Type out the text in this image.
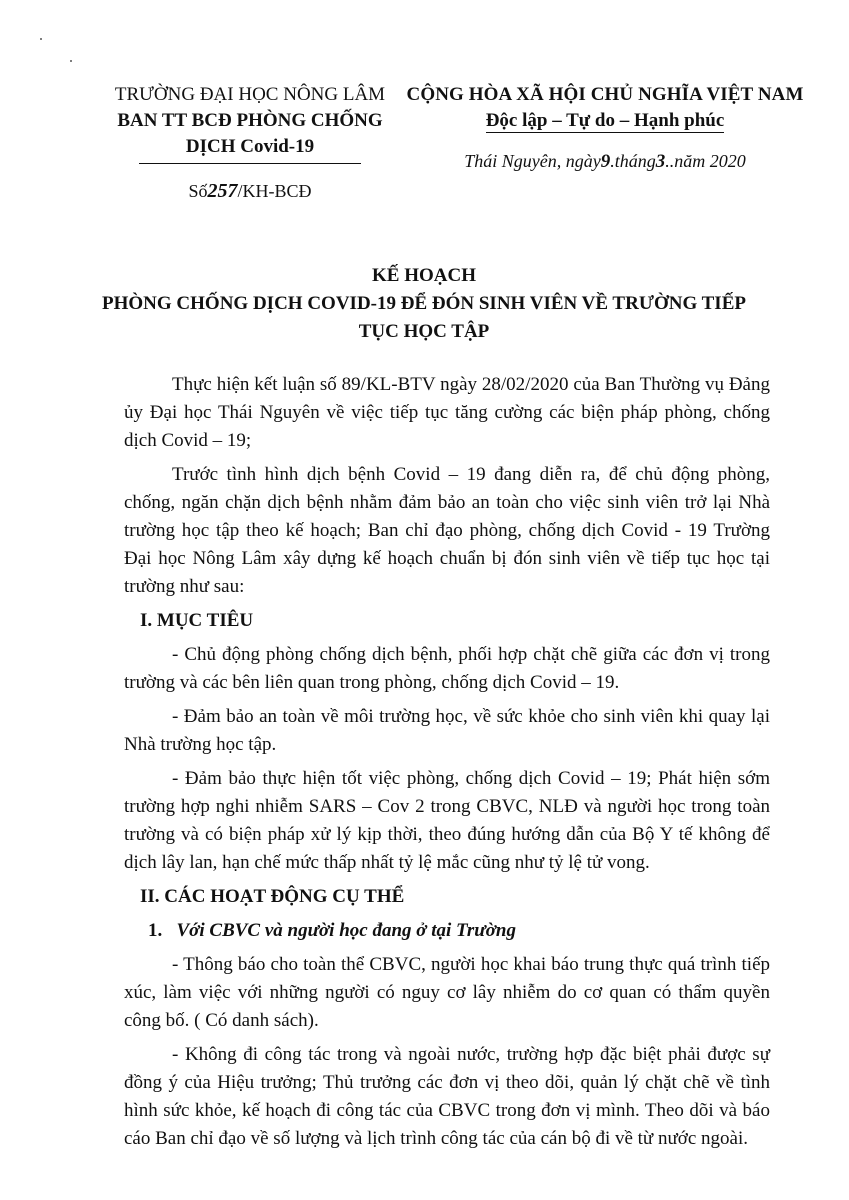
TRƯỜNG ĐẠI HỌC NÔNG LÂM
BAN TT BCĐ PHÒNG CHỐNG
DỊCH Covid-19
Số257/KH-BCĐ
CỘNG HÒA XÃ HỘI CHỦ NGHĨA VIỆT NAM
Độc lập – Tự do – Hạnh phúc
Thái Nguyên, ngày9.tháng3..năm 2020
KẾ HOẠCH
PHÒNG CHỐNG DỊCH COVID-19 ĐỂ ĐÓN SINH VIÊN VỀ TRƯỜNG TIẾP TỤC HỌC TẬP

Thực hiện kết luận số 89/KL-BTV ngày 28/02/2020 của Ban Thường vụ Đảng ủy Đại học Thái Nguyên về việc tiếp tục tăng cường các biện pháp phòng, chống dịch Covid – 19;

Trước tình hình dịch bệnh Covid – 19 đang diễn ra, để chủ động phòng, chống, ngăn chặn dịch bệnh nhằm đảm bảo an toàn cho việc sinh viên trở lại Nhà trường học tập theo kế hoạch; Ban chỉ đạo phòng, chống dịch Covid - 19 Trường Đại học Nông Lâm xây dựng kế hoạch chuẩn bị đón sinh viên về tiếp tục học tại trường như sau:

I. MỤC TIÊU

- Chủ động phòng chống dịch bệnh, phối hợp chặt chẽ giữa các đơn vị trong trường và các bên liên quan trong phòng, chống dịch Covid – 19.

- Đảm bảo an toàn về môi trường học, về sức khỏe cho sinh viên khi quay lại Nhà trường học tập.

- Đảm bảo thực hiện tốt việc phòng, chống dịch Covid – 19; Phát hiện sớm trường hợp nghi nhiễm SARS – Cov 2 trong CBVC, NLĐ và người học trong toàn trường và có biện pháp xử lý kịp thời, theo đúng hướng dẫn của Bộ Y tế không để dịch lây lan, hạn chế mức thấp nhất tỷ lệ mắc cũng như tỷ lệ tử vong.

II. CÁC HOẠT ĐỘNG CỤ THỂ
1. Với CBVC và người học đang ở tại Trường

- Thông báo cho toàn thể CBVC, người học khai báo trung thực quá trình tiếp xúc, làm việc với những người có nguy cơ lây nhiễm do cơ quan có thẩm quyền công bố. ( Có danh sách).

- Không đi công tác trong và ngoài nước, trường hợp đặc biệt phải được sự đồng ý của Hiệu trưởng; Thủ trưởng các đơn vị theo dõi, quản lý chặt chẽ về tình hình sức khỏe, kế hoạch đi công tác của CBVC trong đơn vị mình. Theo dõi và báo cáo Ban chỉ đạo về số lượng và lịch trình công tác của cán bộ đi về từ nước ngoài.
